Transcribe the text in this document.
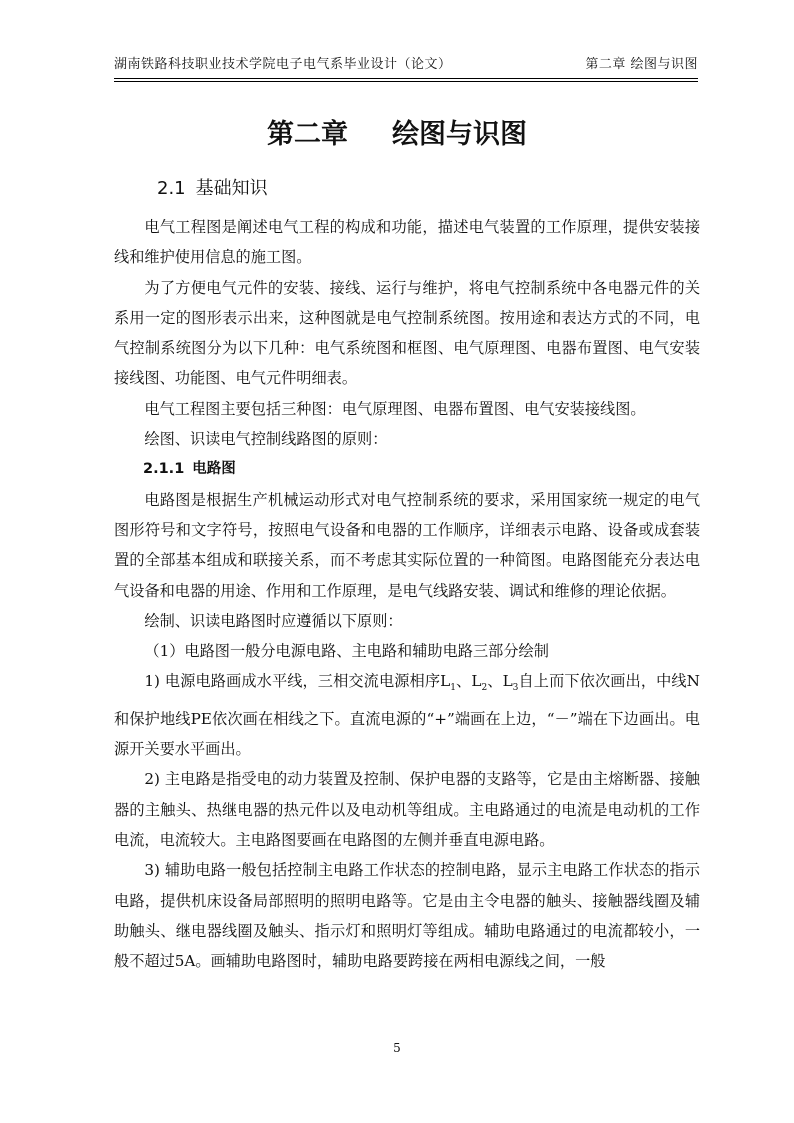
湖南铁路科技职业技术学院电子电气系毕业设计（论文）	第二章 绘图与识图
第二章 绘图与识图
2.1 基础知识

电气工程图是阐述电气工程的构成和功能，描述电气装置的工作原理，提供安装接线和维护使用信息的施工图。

为了方便电气元件的安装、接线、运行与维护，将电气控制系统中各电器元件的关系用一定的图形表示出来，这种图就是电气控制系统图。按用途和表达方式的不同，电气控制系统图分为以下几种：电气系统图和框图、电气原理图、电器布置图、电气安装接线图、功能图、电气元件明细表。

电气工程图主要包括三种图：电气原理图、电器布置图、电气安装接线图。

绘图、识读电气控制线路图的原则：

2.1.1 电路图

电路图是根据生产机械运动形式对电气控制系统的要求，采用国家统一规定的电气图形符号和文字符号，按照电气设备和电器的工作顺序，详细表示电路、设备或成套装置的全部基本组成和联接关系，而不考虑其实际位置的一种简图。电路图能充分表达电气设备和电器的用途、作用和工作原理，是电气线路安装、调试和维修的理论依据。

绘制、识读电路图时应遵循以下原则：

（1）电路图一般分电源电路、主电路和辅助电路三部分绘制

1) 电源电路画成水平线，三相交流电源相序$L_1$、$L_2$、$L_3$自上而下依次画出，中线N和保护地线PE依次画在相线之下。直流电源的“+”端画在上边，“－”端在下边画出。电源开关要水平画出。

2) 主电路是指受电的动力装置及控制、保护电器的支路等，它是由主熔断器、接触器的主触头、热继电器的热元件以及电动机等组成。主电路通过的电流是电动机的工作电流，电流较大。主电路图要画在电路图的左侧并垂直电源电路。

3) 辅助电路一般包括控制主电路工作状态的控制电路，显示主电路工作状态的指示电路，提供机床设备局部照明的照明电路等。它是由主令电器的触头、接触器线圈及辅助触头、继电器线圈及触头、指示灯和照明灯等组成。辅助电路通过的电流都较小，一般不超过5A。画辅助电路图时，辅助电路要跨接在两相电源线之间，一般

5
